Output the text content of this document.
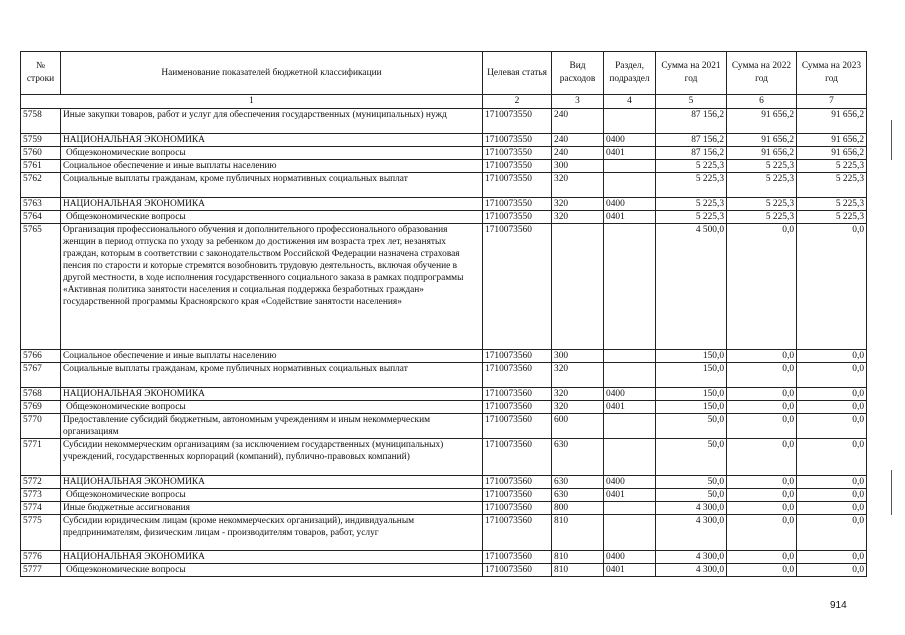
№ строки	Наименование показателей бюджетной классификации	Целевая статья	Вид расходов	Раздел, подраздел	Сумма на 2021 год	Сумма на 2022 год	Сумма на 2023 год
1		2	3	4	5	6	7
5758	Иные закупки товаров, работ и услуг для обеспечения государственных (муниципальных) нужд	1710073550	240		87 156,2	91 656,2	91 656,2
5759	НАЦИОНАЛЬНАЯ ЭКОНОМИКА	1710073550	240	0400	87 156,2	91 656,2	91 656,2
5760	Общеэкономические вопросы	1710073550	240	0401	87 156,2	91 656,2	91 656,2
5761	Социальное обеспечение и иные выплаты населению	1710073550	300		5 225,3	5 225,3	5 225,3
5762	Социальные выплаты гражданам, кроме публичных нормативных социальных выплат	1710073550	320		5 225,3	5 225,3	5 225,3
5763	НАЦИОНАЛЬНАЯ ЭКОНОМИКА	1710073550	320	0400	5 225,3	5 225,3	5 225,3
5764	Общеэкономические вопросы	1710073550	320	0401	5 225,3	5 225,3	5 225,3
5765	Организация профессионального обучения и дополнительного профессионального образования женщин в период отпуска по уходу за ребенком до достижения им возраста трех лет, незанятых граждан, которым в соответствии с законодательством Российской Федерации назначена страховая пенсия по старости и которые стремятся возобновить трудовую деятельность, включая обучение в другой местности, в ходе исполнения государственного социального заказа в рамках подпрограммы «Активная политика занятости населения и социальная поддержка безработных граждан» государственной программы Красноярского края «Содействие занятости населения»	1710073560			4 500,0	0,0	0,0
5766	Социальное обеспечение и иные выплаты населению	1710073560	300		150,0	0,0	0,0
5767	Социальные выплаты гражданам, кроме публичных нормативных социальных выплат	1710073560	320		150,0	0,0	0,0
5768	НАЦИОНАЛЬНАЯ ЭКОНОМИКА	1710073560	320	0400	150,0	0,0	0,0
5769	Общеэкономические вопросы	1710073560	320	0401	150,0	0,0	0,0
5770	Предоставление субсидий бюджетным, автономным учреждениям и иным некоммерческим организациям	1710073560	600		50,0	0,0	0,0
5771	Субсидии некоммерческим организациям (за исключением государственных (муниципальных) учреждений, государственных корпораций (компаний), публично-правовых компаний)	1710073560	630		50,0	0,0	0,0
5772	НАЦИОНАЛЬНАЯ ЭКОНОМИКА	1710073560	630	0400	50,0	0,0	0,0
5773	Общеэкономические вопросы	1710073560	630	0401	50,0	0,0	0,0
5774	Иные бюджетные ассигнования	1710073560	800		4 300,0	0,0	0,0
5775	Субсидии юридическим лицам (кроме некоммерческих организаций), индивидуальным предпринимателям, физическим лицам - производителям товаров, работ, услуг	1710073560	810		4 300,0	0,0	0,0
5776	НАЦИОНАЛЬНАЯ ЭКОНОМИКА	1710073560	810	0400	4 300,0	0,0	0,0
5777	Общеэкономические вопросы	1710073560	810	0401	4 300,0	0,0	0,0
914
